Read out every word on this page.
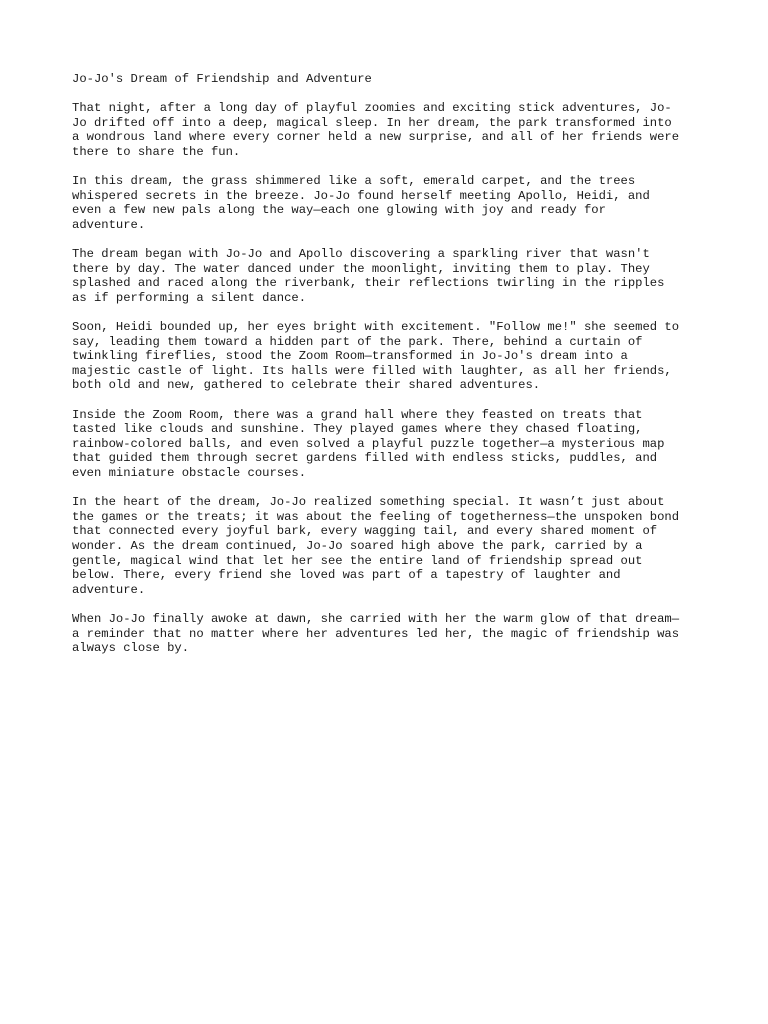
Jo-Jo's Dream of Friendship and Adventure
That night, after a long day of playful zoomies and exciting stick adventures, Jo-
Jo drifted off into a deep, magical sleep. In her dream, the park transformed into
a wondrous land where every corner held a new surprise, and all of her friends were
there to share the fun.
In this dream, the grass shimmered like a soft, emerald carpet, and the trees
whispered secrets in the breeze. Jo-Jo found herself meeting Apollo, Heidi, and
even a few new pals along the way—each one glowing with joy and ready for
adventure.
The dream began with Jo-Jo and Apollo discovering a sparkling river that wasn't
there by day. The water danced under the moonlight, inviting them to play. They
splashed and raced along the riverbank, their reflections twirling in the ripples
as if performing a silent dance.
Soon, Heidi bounded up, her eyes bright with excitement. "Follow me!" she seemed to
say, leading them toward a hidden part of the park. There, behind a curtain of
twinkling fireflies, stood the Zoom Room—transformed in Jo-Jo's dream into a
majestic castle of light. Its halls were filled with laughter, as all her friends,
both old and new, gathered to celebrate their shared adventures.
Inside the Zoom Room, there was a grand hall where they feasted on treats that
tasted like clouds and sunshine. They played games where they chased floating,
rainbow-colored balls, and even solved a playful puzzle together—a mysterious map
that guided them through secret gardens filled with endless sticks, puddles, and
even miniature obstacle courses.
In the heart of the dream, Jo-Jo realized something special. It wasn’t just about
the games or the treats; it was about the feeling of togetherness—the unspoken bond
that connected every joyful bark, every wagging tail, and every shared moment of
wonder. As the dream continued, Jo-Jo soared high above the park, carried by a
gentle, magical wind that let her see the entire land of friendship spread out
below. There, every friend she loved was part of a tapestry of laughter and
adventure.
When Jo-Jo finally awoke at dawn, she carried with her the warm glow of that dream—
a reminder that no matter where her adventures led her, the magic of friendship was
always close by.
